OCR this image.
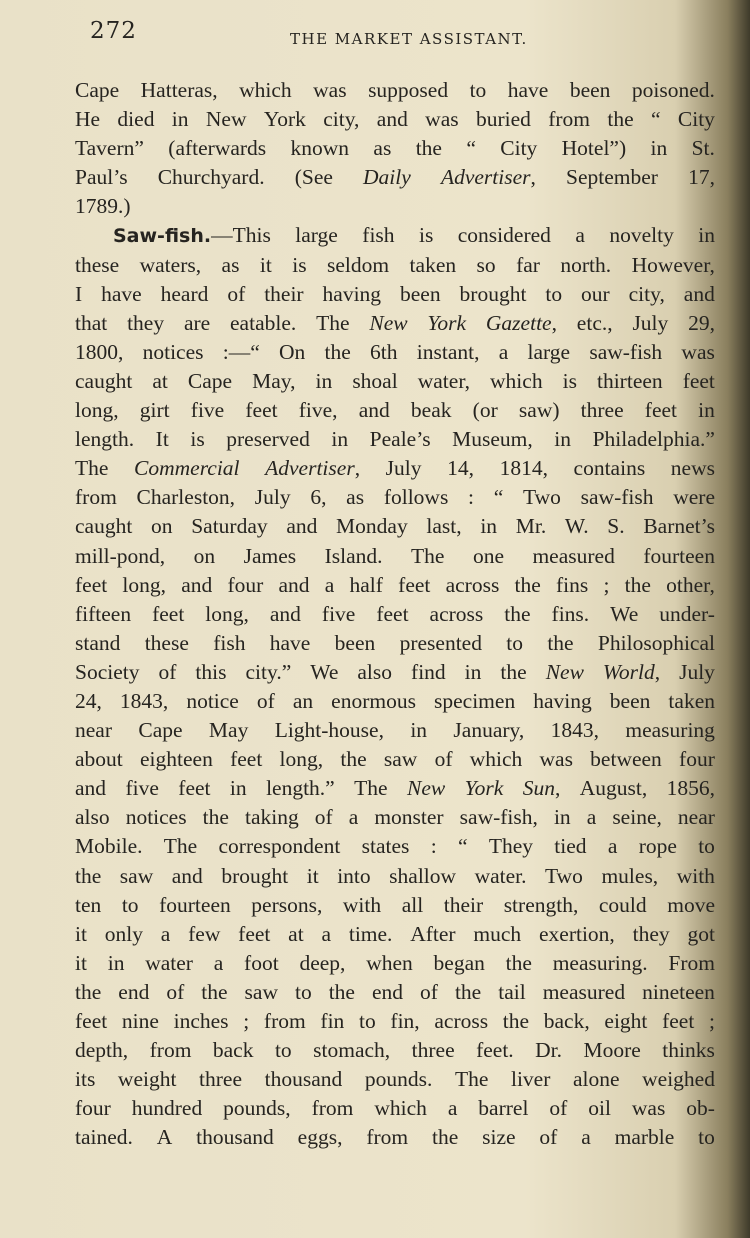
272	THE MARKET ASSISTANT.
Cape Hatteras, which was supposed to have been poisoned.
He died in New York city, and was buried from the “ City
Tavern” (afterwards known as the “ City Hotel”) in St.
Paul’s Churchyard. (See Daily Advertiser, September 17,
1789.)
Saw-fish.—This large fish is considered a novelty in
these waters, as it is seldom taken so far north. However,
I have heard of their having been brought to our city, and
that they are eatable. The New York Gazette, etc., July 29,
1800, notices :—“ On the 6th instant, a large saw-fish was
caught at Cape May, in shoal water, which is thirteen feet
long, girt five feet five, and beak (or saw) three feet in
length. It is preserved in Peale’s Museum, in Philadelphia.”
The Commercial Advertiser, July 14, 1814, contains news
from Charleston, July 6, as follows : “ Two saw-fish were
caught on Saturday and Monday last, in Mr. W. S. Barnet’s
mill-pond, on James Island. The one measured fourteen
feet long, and four and a half feet across the fins ; the other,
fifteen feet long, and five feet across the fins. We under-
stand these fish have been presented to the Philosophical
Society of this city.” We also find in the New World, July
24, 1843, notice of an enormous specimen having been taken
near Cape May Light-house, in January, 1843, measuring
about eighteen feet long, the saw of which was between four
and five feet in length.” The New York Sun, August, 1856,
also notices the taking of a monster saw-fish, in a seine, near
Mobile. The correspondent states : “ They tied a rope to
the saw and brought it into shallow water. Two mules, with
ten to fourteen persons, with all their strength, could move
it only a few feet at a time. After much exertion, they got
it in water a foot deep, when began the measuring. From
the end of the saw to the end of the tail measured nineteen
feet nine inches ; from fin to fin, across the back, eight feet ;
depth, from back to stomach, three feet. Dr. Moore thinks
its weight three thousand pounds. The liver alone weighed
four hundred pounds, from which a barrel of oil was ob-
tained. A thousand eggs, from the size of a marble to
